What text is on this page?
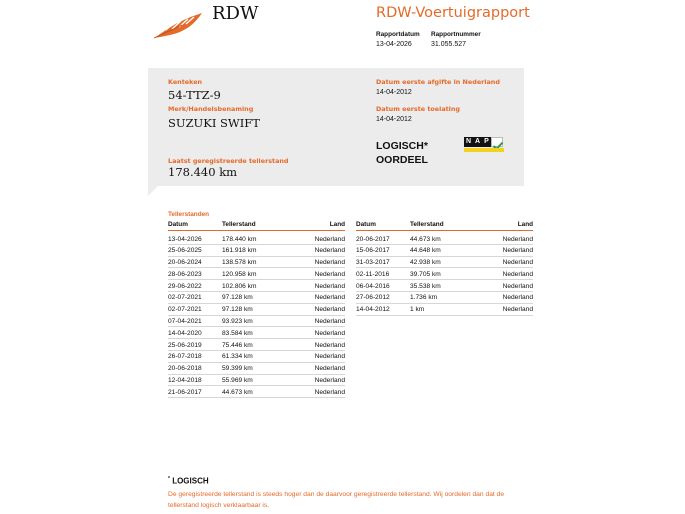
RDW	RDW-Voertuigrapport
Rapportdatum
13-04-2026
Rapportnummer
31.055.527
Kenteken
54-TTZ-9
Merk/Handelsbenaming
SUZUKI SWIFT
Laatst geregistreerde tellerstand
178.440 km
Datum eerste afgifte in Nederland
14-04-2012
Datum eerste toelating
14-04-2012
LOGISCH*
OORDEEL
N A P
Tellerstanden
Datum	Tellerstand	Land
13-04-2026	178.440 km	Nederland
25-06-2025	161.918 km	Nederland
20-06-2024	138.578 km	Nederland
28-06-2023	120.958 km	Nederland
29-06-2022	102.806 km	Nederland
02-07-2021	97.128 km	Nederland
02-07-2021	97.128 km	Nederland
07-04-2021	93.923 km	Nederland
14-04-2020	83.584 km	Nederland
25-06-2019	75.446 km	Nederland
26-07-2018	61.334 km	Nederland
20-06-2018	59.399 km	Nederland
12-04-2018	55.969 km	Nederland
21-06-2017	44.673 km	Nederland
Datum	Tellerstand	Land
20-06-2017	44.673 km	Nederland
15-06-2017	44.648 km	Nederland
31-03-2017	42.938 km	Nederland
02-11-2016	39.705 km	Nederland
06-04-2016	35.538 km	Nederland
27-06-2012	1.736 km	Nederland
14-04-2012	1 km	Nederland
* LOGISCH
De geregistreerde tellerstand is steeds hoger dan de daarvoor geregistreerde tellerstand. Wij oordelen dan dat de tellerstand logisch verklaarbaar is.
